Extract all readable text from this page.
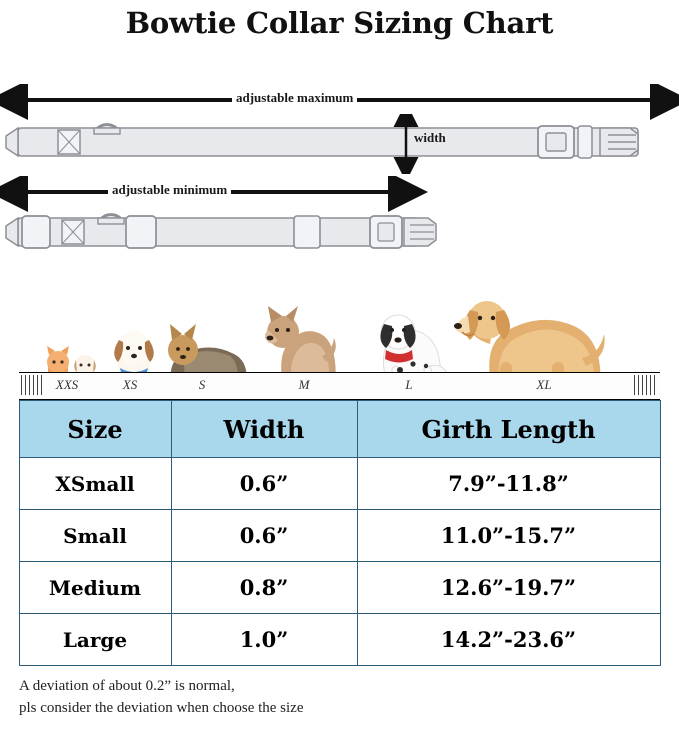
Bowtie Collar Sizing Chart
adjustable maximum
width
adjustable minimum
XXS	XS	S	M	L	XL
Size	Width	Girth Length
XSmall	0.6”	7.9”-11.8”
Small	0.6”	11.0”-15.7”
Medium	0.8”	12.6”-19.7”
Large	1.0”	14.2”-23.6”
A deviation of about 0.2” is normal,
pls consider the deviation when choose the size
